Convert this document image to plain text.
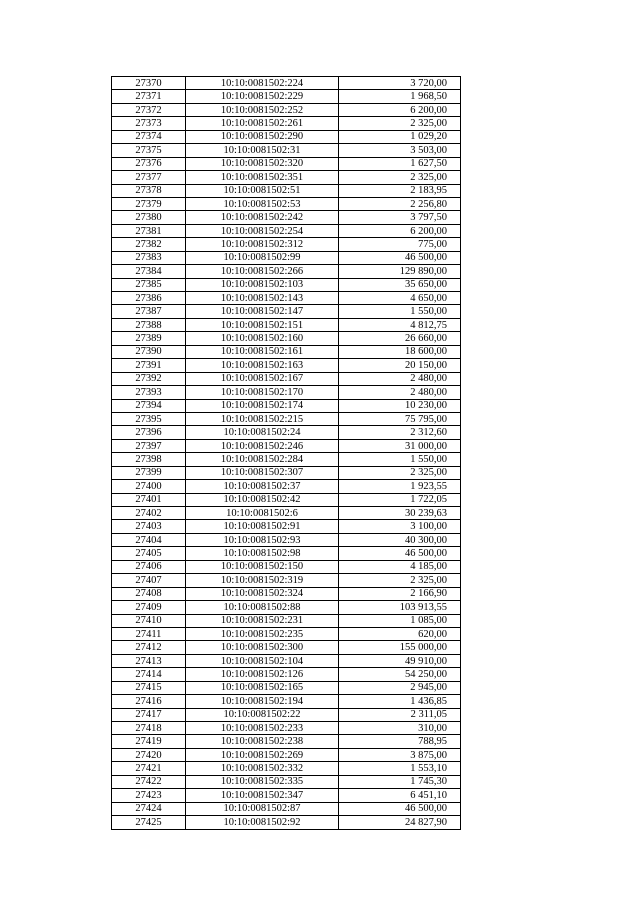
27370	10:10:0081502:224	3 720,00
27371	10:10:0081502:229	1 968,50
27372	10:10:0081502:252	6 200,00
27373	10:10:0081502:261	2 325,00
27374	10:10:0081502:290	1 029,20
27375	10:10:0081502:31	3 503,00
27376	10:10:0081502:320	1 627,50
27377	10:10:0081502:351	2 325,00
27378	10:10:0081502:51	2 183,95
27379	10:10:0081502:53	2 256,80
27380	10:10:0081502:242	3 797,50
27381	10:10:0081502:254	6 200,00
27382	10:10:0081502:312	775,00
27383	10:10:0081502:99	46 500,00
27384	10:10:0081502:266	129 890,00
27385	10:10:0081502:103	35 650,00
27386	10:10:0081502:143	4 650,00
27387	10:10:0081502:147	1 550,00
27388	10:10:0081502:151	4 812,75
27389	10:10:0081502:160	26 660,00
27390	10:10:0081502:161	18 600,00
27391	10:10:0081502:163	20 150,00
27392	10:10:0081502:167	2 480,00
27393	10:10:0081502:170	2 480,00
27394	10:10:0081502:174	10 230,00
27395	10:10:0081502:215	75 795,00
27396	10:10:0081502:24	2 312,60
27397	10:10:0081502:246	31 000,00
27398	10:10:0081502:284	1 550,00
27399	10:10:0081502:307	2 325,00
27400	10:10:0081502:37	1 923,55
27401	10:10:0081502:42	1 722,05
27402	10:10:0081502:6	30 239,63
27403	10:10:0081502:91	3 100,00
27404	10:10:0081502:93	40 300,00
27405	10:10:0081502:98	46 500,00
27406	10:10:0081502:150	4 185,00
27407	10:10:0081502:319	2 325,00
27408	10:10:0081502:324	2 166,90
27409	10:10:0081502:88	103 913,55
27410	10:10:0081502:231	1 085,00
27411	10:10:0081502:235	620,00
27412	10:10:0081502:300	155 000,00
27413	10:10:0081502:104	49 910,00
27414	10:10:0081502:126	54 250,00
27415	10:10:0081502:165	2 945,00
27416	10:10:0081502:194	1 436,85
27417	10:10:0081502:22	2 311,05
27418	10:10:0081502:233	310,00
27419	10:10:0081502:238	788,95
27420	10:10:0081502:269	3 875,00
27421	10:10:0081502:332	1 553,10
27422	10:10:0081502:335	1 745,30
27423	10:10:0081502:347	6 451,10
27424	10:10:0081502:87	46 500,00
27425	10:10:0081502:92	24 827,90
